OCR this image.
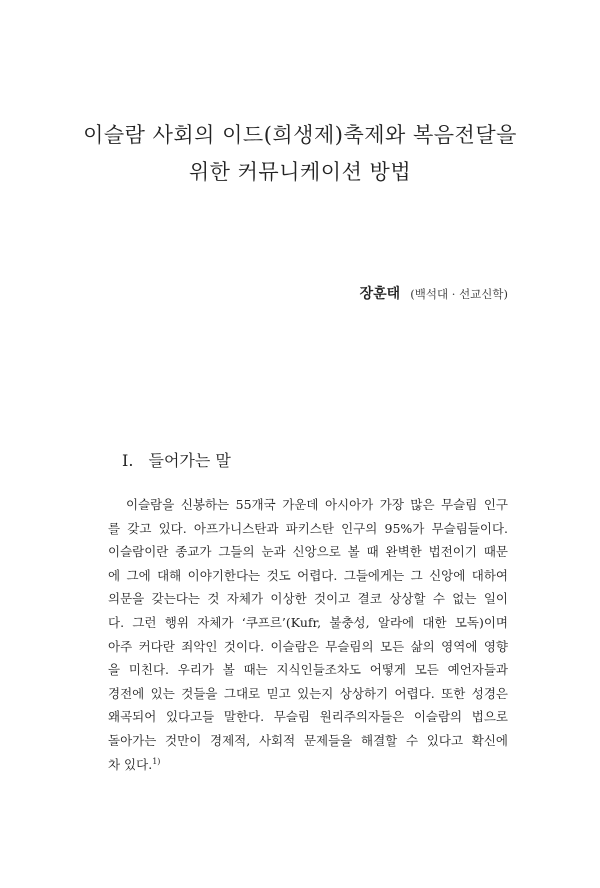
이슬람 사회의 이드(희생제)축제와 복음전달을
위한 커뮤니케이션 방법
장훈태 (백석대 · 선교신학)
Ⅰ. 들어가는 말
이슬람을 신봉하는 55개국 가운데 아시아가 가장 많은 무슬림 인구
를 갖고 있다. 아프가니스탄과 파키스탄 인구의 95%가 무슬림들이다.
이슬람이란 종교가 그들의 눈과 신앙으로 볼 때 완벽한 법전이기 때문
에 그에 대해 이야기한다는 것도 어렵다. 그들에게는 그 신앙에 대하여
의문을 갖는다는 것 자체가 이상한 것이고 결코 상상할 수 없는 일이
다. 그런 행위 자체가 ‘쿠프르’(Kufr, 불충성, 알라에 대한 모독)이며
아주 커다란 죄악인 것이다. 이슬람은 무슬림의 모든 삶의 영역에 영향
을 미친다. 우리가 볼 때는 지식인들조차도 어떻게 모든 예언자들과
경전에 있는 것들을 그대로 믿고 있는지 상상하기 어렵다. 또한 성경은
왜곡되어 있다고들 말한다. 무슬림 원리주의자들은 이슬람의 법으로
돌아가는 것만이 경제적, 사회적 문제들을 해결할 수 있다고 확신에
차 있다.$^{1)}$
